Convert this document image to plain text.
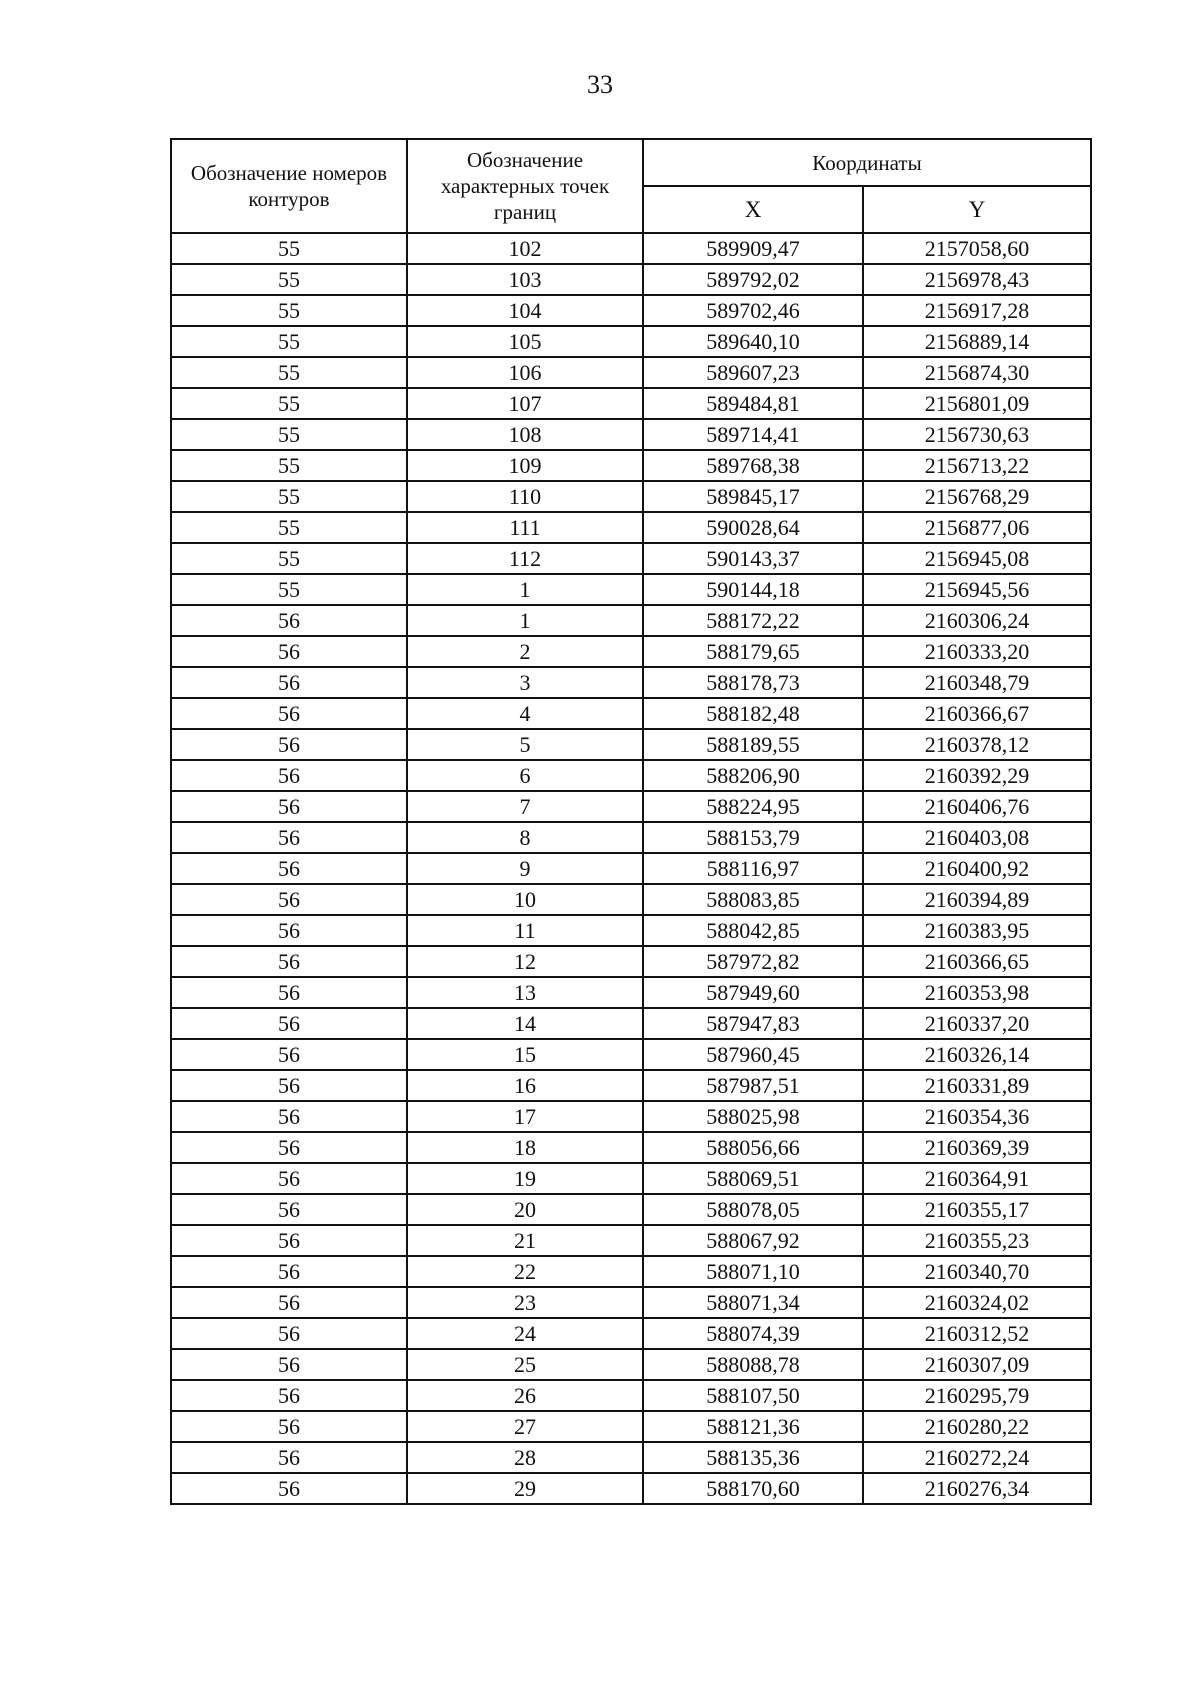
33
Обозначение номеров контуров	Обозначение характерных точек границ	Координаты	
		X	Y
55	102	589909,47	2157058,60
55	103	589792,02	2156978,43
55	104	589702,46	2156917,28
55	105	589640,10	2156889,14
55	106	589607,23	2156874,30
55	107	589484,81	2156801,09
55	108	589714,41	2156730,63
55	109	589768,38	2156713,22
55	110	589845,17	2156768,29
55	111	590028,64	2156877,06
55	112	590143,37	2156945,08
55	1	590144,18	2156945,56
56	1	588172,22	2160306,24
56	2	588179,65	2160333,20
56	3	588178,73	2160348,79
56	4	588182,48	2160366,67
56	5	588189,55	2160378,12
56	6	588206,90	2160392,29
56	7	588224,95	2160406,76
56	8	588153,79	2160403,08
56	9	588116,97	2160400,92
56	10	588083,85	2160394,89
56	11	588042,85	2160383,95
56	12	587972,82	2160366,65
56	13	587949,60	2160353,98
56	14	587947,83	2160337,20
56	15	587960,45	2160326,14
56	16	587987,51	2160331,89
56	17	588025,98	2160354,36
56	18	588056,66	2160369,39
56	19	588069,51	2160364,91
56	20	588078,05	2160355,17
56	21	588067,92	2160355,23
56	22	588071,10	2160340,70
56	23	588071,34	2160324,02
56	24	588074,39	2160312,52
56	25	588088,78	2160307,09
56	26	588107,50	2160295,79
56	27	588121,36	2160280,22
56	28	588135,36	2160272,24
56	29	588170,60	2160276,34
